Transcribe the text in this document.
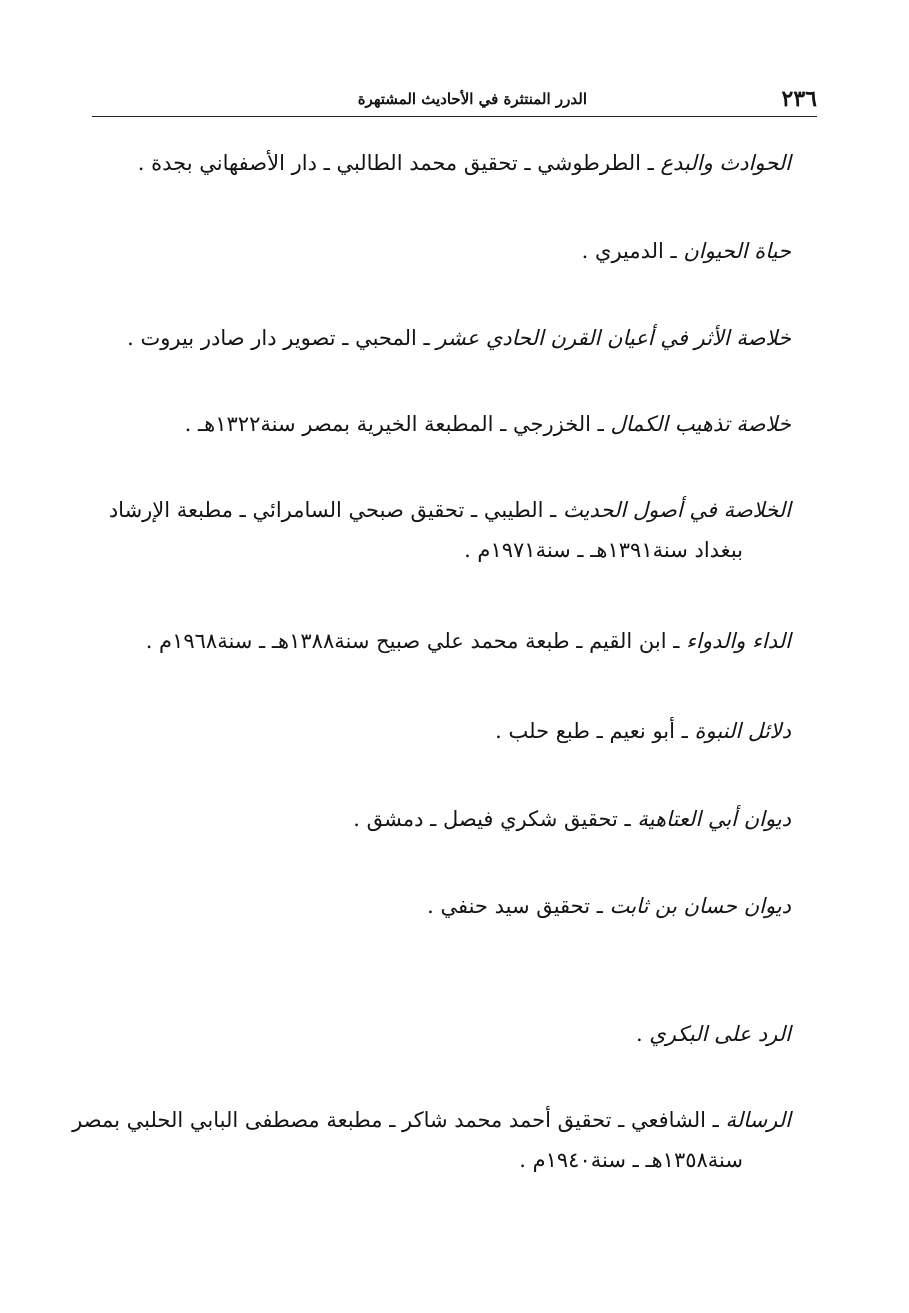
٢٣٦
الدرر المنتثرة في الأحاديث المشتهرة
الحوادث والبدع ـ الطرطوشي ـ تحقيق محمد الطالبي ـ دار الأصفهاني بجدة .
حياة الحيوان ـ الدميري .
خلاصة الأثر في أعيان القرن الحادي عشر ـ المحبي ـ تصوير دار صادر بيروت .
خلاصة تذهيب الكمال ـ الخزرجي ـ المطبعة الخيرية بمصر سنة١٣٢٢هـ .
الخلاصة في أصول الحديث ـ الطيبي ـ تحقيق صبحي السامرائي ـ مطبعة الإرشاد
ببغداد سنة١٣٩١هـ ـ سنة١٩٧١م .
الداء والدواء ـ ابن القيم ـ طبعة محمد علي صبيح سنة١٣٨٨هـ ـ سنة١٩٦٨م .
دلائل النبوة ـ أبو نعيم ـ طبع حلب .
ديوان أبي العتاهية ـ تحقيق شكري فيصل ـ دمشق .
ديوان حسان بن ثابت ـ تحقيق سيد حنفي .
الرد على البكري .
الرسالة ـ الشافعي ـ تحقيق أحمد محمد شاكر ـ مطبعة مصطفى البابي الحلبي بمصر
سنة١٣٥٨هـ ـ سنة١٩٤٠م .
